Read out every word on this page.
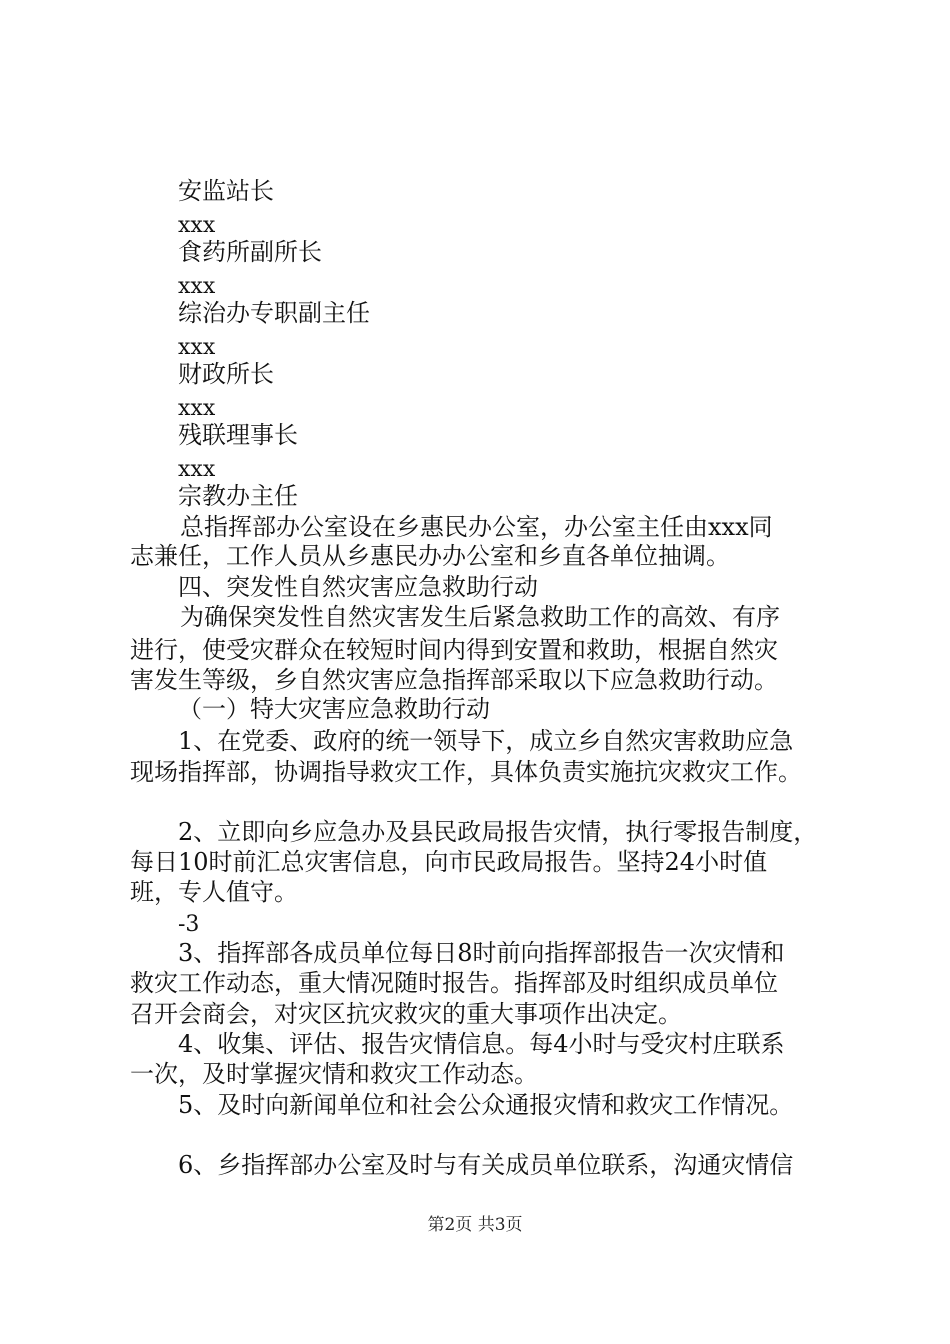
安监站长

xxx

食药所副所长

xxx

综治办专职副主任

xxx

财政所长

xxx

残联理事长

xxx

宗教办主任

总指挥部办公室设在乡惠民办公室，办公室主任由xxx同

志兼任，工作人员从乡惠民办办公室和乡直各单位抽调。

四、突发性自然灾害应急救助行动

为确保突发性自然灾害发生后紧急救助工作的高效、有序

进行，使受灾群众在较短时间内得到安置和救助，根据自然灾

害发生等级，乡自然灾害应急指挥部采取以下应急救助行动。

（一）特大灾害应急救助行动

1、在党委、政府的统一领导下，成立乡自然灾害救助应急

现场指挥部，协调指导救灾工作，具体负责实施抗灾救灾工作。

2、立即向乡应急办及县民政局报告灾情，执行零报告制度，

每日10时前汇总灾害信息，向市民政局报告。坚持24小时值

班，专人值守。

-3

3、指挥部各成员单位每日8时前向指挥部报告一次灾情和

救灾工作动态，重大情况随时报告。指挥部及时组织成员单位

召开会商会，对灾区抗灾救灾的重大事项作出决定。

4、收集、评估、报告灾情信息。每4小时与受灾村庄联系

一次，及时掌握灾情和救灾工作动态。

5、及时向新闻单位和社会公众通报灾情和救灾工作情况。

6、乡指挥部办公室及时与有关成员单位联系，沟通灾情信

第2页 共3页
